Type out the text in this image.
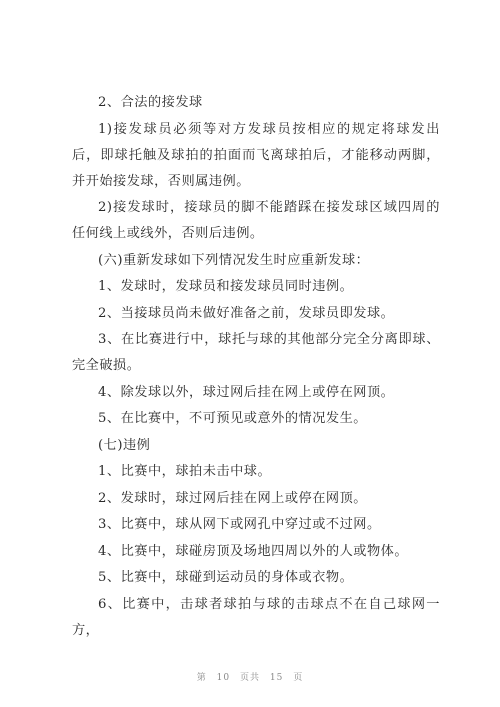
2、合法的接发球

1)接发球员必须等对方发球员按相应的规定将球发出后，即球托触及球拍的拍面而飞离球拍后，才能移动两脚，并开始接发球，否则属违例。

2)接发球时，接球员的脚不能踏踩在接发球区域四周的任何线上或线外，否则后违例。

(六)重新发球如下列情况发生时应重新发球：

1、发球时，发球员和接发球员同时违例。

2、当接球员尚未做好准备之前，发球员即发球。

3、在比赛进行中，球托与球的其他部分完全分离即球、完全破损。

4、除发球以外，球过网后挂在网上或停在网顶。

5、在比赛中，不可预见或意外的情况发生。

(七)违例

1、比赛中，球拍未击中球。

2、发球时，球过网后挂在网上或停在网顶。

3、比赛中，球从网下或网孔中穿过或不过网。

4、比赛中，球碰房顶及场地四周以外的人或物体。

5、比赛中，球碰到运动员的身体或衣物。

6、比赛中，击球者球拍与球的击球点不在自己球网一方，

第 10 页共 15 页
